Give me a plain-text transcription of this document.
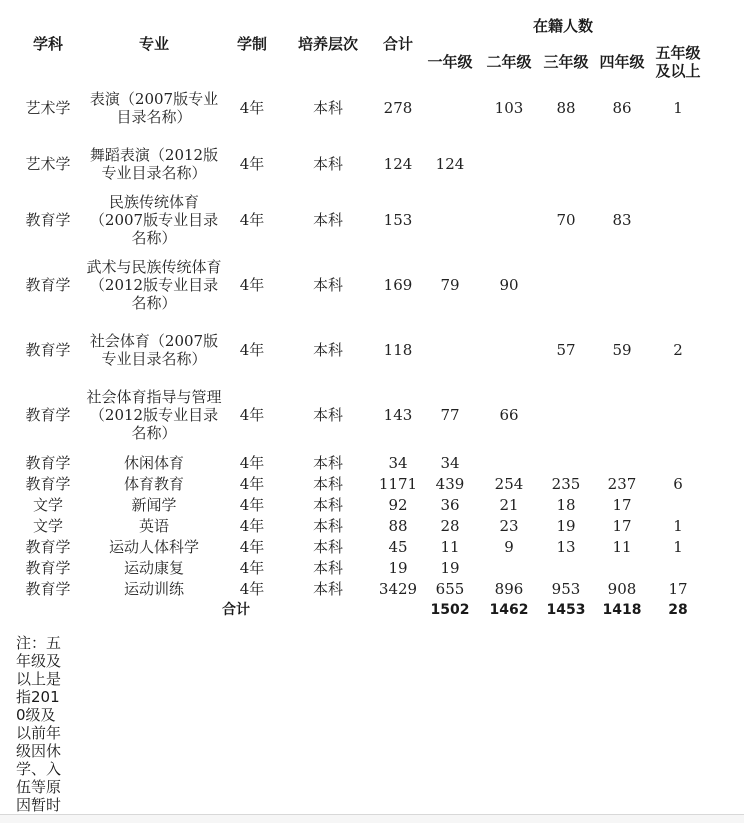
学科	专业	学制	培养层次	合计	在籍人数				
					一年级	二年级	三年级	四年级	五年级
及以上
艺术学	表演（2007版专业目录名称）	4年	本科	278		103	88	86	1
艺术学	舞蹈表演（2012版专业目录名称）	4年	本科	124	124				
教育学	民族传统体育（2007版专业目录名称）	4年	本科	153			70	83	
教育学	武术与民族传统体育（2012版专业目录名称）	4年	本科	169	79	90			
教育学	社会体育（2007版专业目录名称）	4年	本科	118			57	59	2
教育学	社会体育指导与管理（2012版专业目录名称）	4年	本科	143	77	66			
教育学	休闲体育	4年	本科	34	34				
教育学	体育教育	4年	本科	1171	439	254	235	237	6
文学	新闻学	4年	本科	92	36	21	18	17	
文学	英语	4年	本科	88	28	23	19	17	1
教育学	运动人体科学	4年	本科	45	11	9	13	11	1
教育学	运动康复	4年	本科	19	19				
教育学	运动训练	4年	本科	3429	655	896	953	908	17
合计					1502	1462	1453	1418	28
注：五年级及以上是指2010级及以前年级因休学、入伍等原因暂时
